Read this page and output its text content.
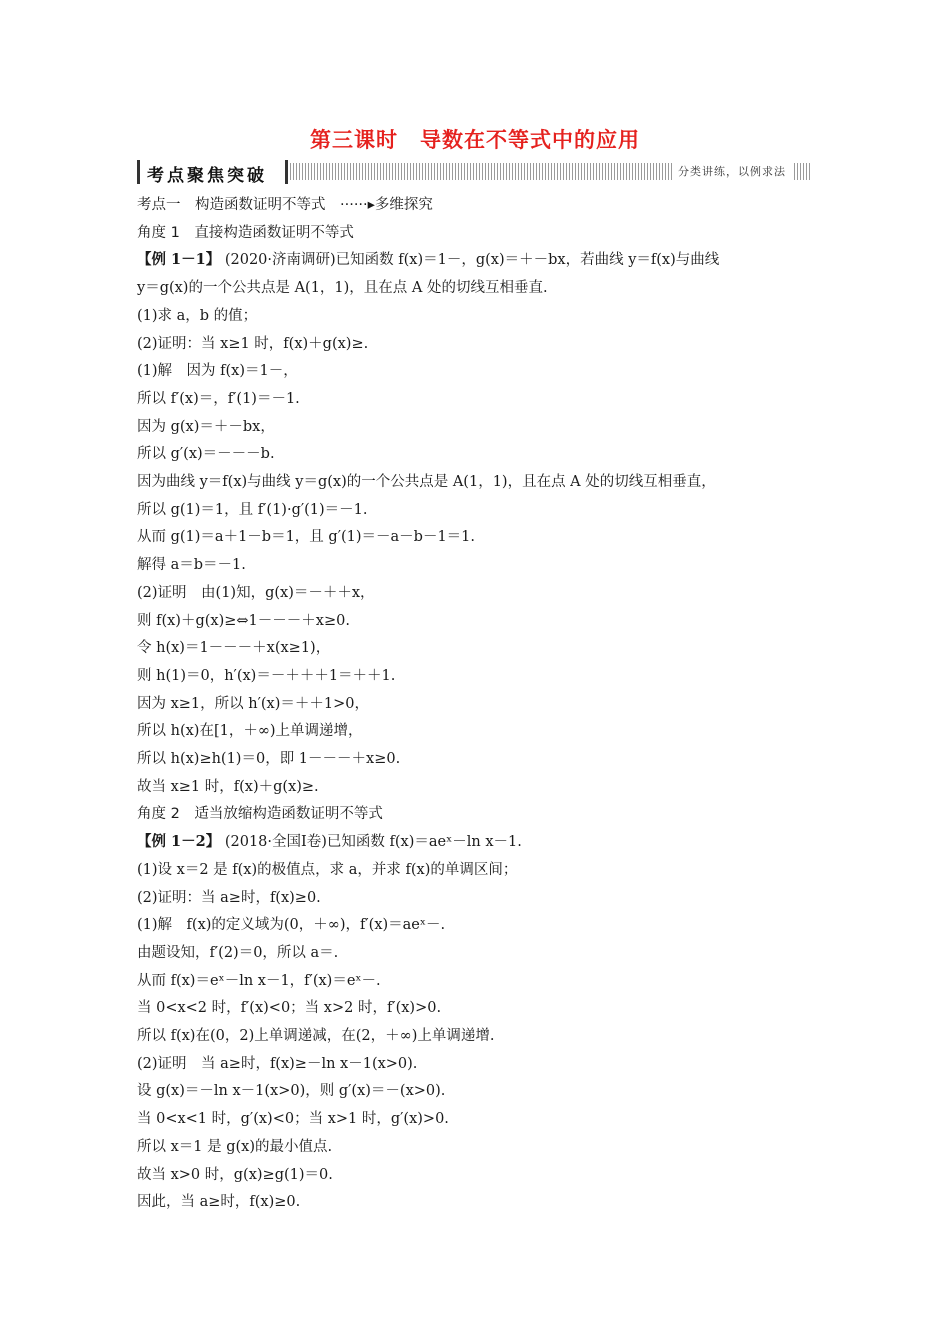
第三课时　导数在不等式中的应用
考点聚焦突破	分类讲练，以例求法
考点一　构造函数证明不等式　······▸多维探究
角度 1　直接构造函数证明不等式
【例 1－1】 (2020·济南调研)已知函数 f(x)＝1－，g(x)＝＋－bx，若曲线 y＝f(x)与曲线
y＝g(x)的一个公共点是 A(1，1)，且在点 A 处的切线互相垂直.
(1)求 a，b 的值；
(2)证明：当 x≥1 时，f(x)＋g(x)≥.
(1)解　因为 f(x)＝1－，
所以 f′(x)＝，f′(1)＝－1.
因为 g(x)＝＋－bx，
所以 g′(x)＝－－－b.
因为曲线 y＝f(x)与曲线 y＝g(x)的一个公共点是 A(1，1)，且在点 A 处的切线互相垂直，
所以 g(1)＝1，且 f′(1)·g′(1)＝－1.
从而 g(1)＝a＋1－b＝1，且 g′(1)＝－a－b－1＝1.
解得 a＝b＝－1.
(2)证明　由(1)知，g(x)＝－＋＋x，
则 f(x)＋g(x)≥⇔1－－－＋x≥0.
令 h(x)＝1－－－＋x(x≥1)，
则 h(1)＝0，h′(x)＝－＋＋＋1＝＋＋1.
因为 x≥1，所以 h′(x)＝＋＋1>0，
所以 h(x)在[1，＋∞)上单调递增，
所以 h(x)≥h(1)＝0，即 1－－－＋x≥0.
故当 x≥1 时，f(x)＋g(x)≥.
角度 2　适当放缩构造函数证明不等式
【例 1－2】 (2018·全国Ⅰ卷)已知函数 f(x)＝aeˣ－ln x－1.
(1)设 x＝2 是 f(x)的极值点，求 a，并求 f(x)的单调区间；
(2)证明：当 a≥时，f(x)≥0.
(1)解　f(x)的定义域为(0，＋∞)，f′(x)＝aeˣ－.
由题设知，f′(2)＝0，所以 a＝.
从而 f(x)＝eˣ－ln x－1，f′(x)＝eˣ－.
当 0<x<2 时，f′(x)<0；当 x>2 时，f′(x)>0.
所以 f(x)在(0，2)上单调递减，在(2，＋∞)上单调递增.
(2)证明　当 a≥时，f(x)≥－ln x－1(x>0).
设 g(x)＝－ln x－1(x>0)，则 g′(x)＝－(x>0).
当 0<x<1 时，g′(x)<0；当 x>1 时，g′(x)>0.
所以 x＝1 是 g(x)的最小值点.
故当 x>0 时，g(x)≥g(1)＝0.
因此，当 a≥时，f(x)≥0.
